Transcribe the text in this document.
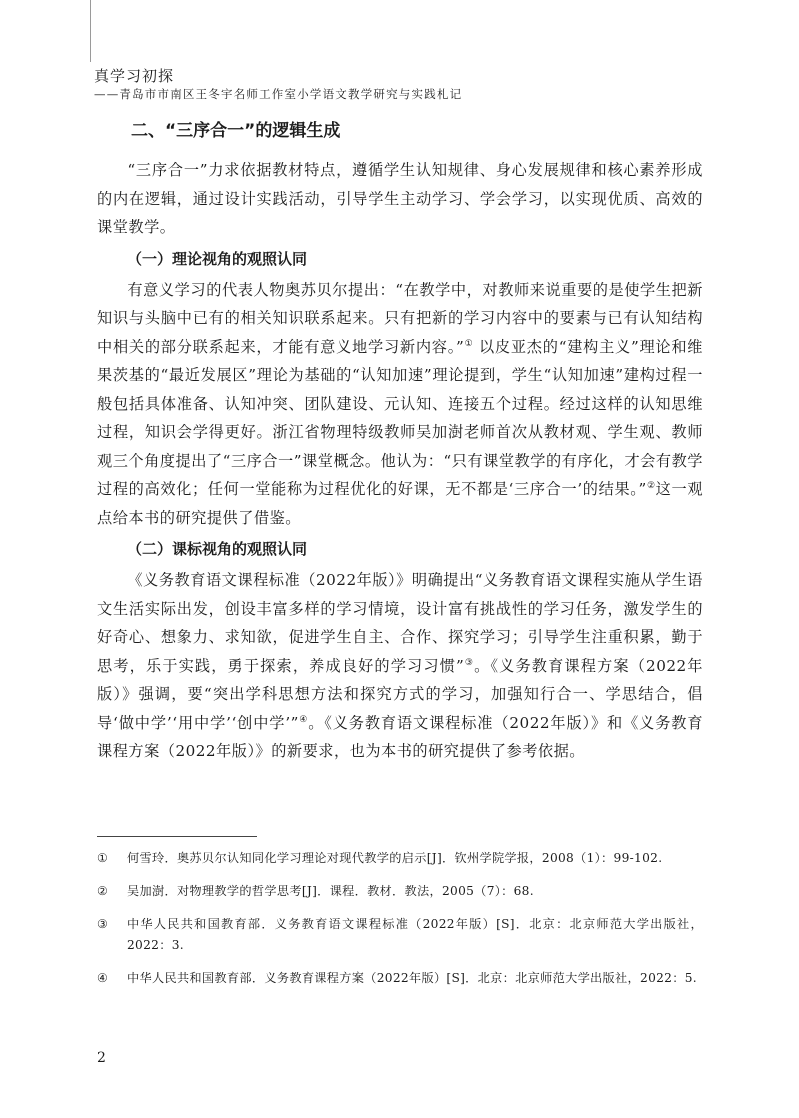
真学习初探
——青岛市市南区王冬宇名师工作室小学语文教学研究与实践札记
二、“三序合一”的逻辑生成

“三序合一”力求依据教材特点，遵循学生认知规律、身心发展规律和核心素养形成的内在逻辑，通过设计实践活动，引导学生主动学习、学会学习，以实现优质、高效的课堂教学。

（一）理论视角的观照认同

有意义学习的代表人物奥苏贝尔提出：“在教学中，对教师来说重要的是使学生把新知识与头脑中已有的相关知识联系起来。只有把新的学习内容中的要素与已有认知结构中相关的部分联系起来，才能有意义地学习新内容。”① 以皮亚杰的“建构主义”理论和维果茨基的“最近发展区”理论为基础的“认知加速”理论提到，学生“认知加速”建构过程一般包括具体准备、认知冲突、团队建设、元认知、连接五个过程。经过这样的认知思维过程，知识会学得更好。浙江省物理特级教师吴加澍老师首次从教材观、学生观、教师观三个角度提出了“三序合一”课堂概念。他认为：“只有课堂教学的有序化，才会有教学过程的高效化；任何一堂能称为过程优化的好课，无不都是‘三序合一’的结果。”②这一观点给本书的研究提供了借鉴。

（二）课标视角的观照认同

《义务教育语文课程标准（2022年版）》明确提出“义务教育语文课程实施从学生语文生活实际出发，创设丰富多样的学习情境，设计富有挑战性的学习任务，激发学生的好奇心、想象力、求知欲，促进学生自主、合作、探究学习；引导学生注重积累，勤于思考，乐于实践，勇于探索，养成良好的学习习惯”③。《义务教育课程方案（2022年版）》强调，要“突出学科思想方法和探究方式的学习，加强知行合一、学思结合，倡导‘做中学’‘用中学’‘创中学’”④。《义务教育语文课程标准（2022年版）》和《义务教育课程方案（2022年版）》的新要求，也为本书的研究提供了参考依据。

①	何雪玲．奥苏贝尔认知同化学习理论对现代教学的启示[J]．钦州学院学报，2008（1）：99-102.
②	吴加澍．对物理教学的哲学思考[J]．课程．教材．教法，2005（7）：68.
③	中华人民共和国教育部．义务教育语文课程标准（2022年版）[S]．北京：北京师范大学出版社，2022：3.
④	中华人民共和国教育部．义务教育课程方案（2022年版）[S]．北京：北京师范大学出版社，2022：5.
2
